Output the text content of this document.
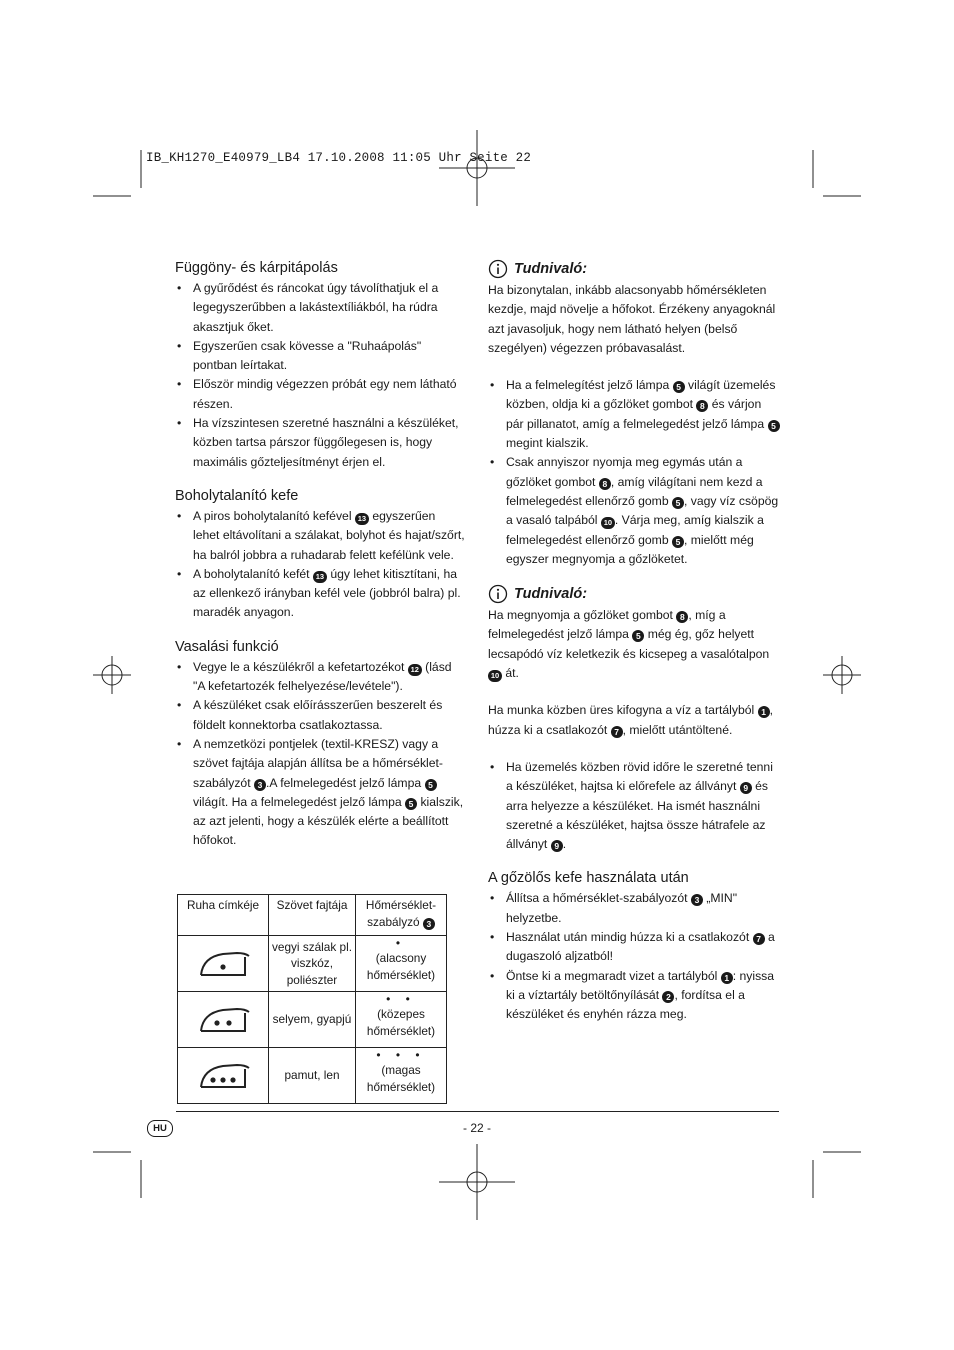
IB_KH1270_E40979_LB4 17.10.2008 11:05 Uhr Seite 22
Függöny- és kárpitápolás
• A gyűrődést és ráncokat úgy távolíthatjuk el a legegyszerűbben a lakástextíliákból, ha rúdra akasztjuk őket.
• Egyszerűen csak kövesse a "Ruhaápolás" pontban leírtakat.
• Először mindig végezzen próbát egy nem látható részen.
• Ha vízszintesen szeretné használni a készüléket, közben tartsa párszor függőlegesen is, hogy maximális gőzteljesítményt érjen el.
Boholytalanító kefe
• A piros boholytalanító kefével 13 egyszerűen lehet eltávolítani a szálakat, bolyhot és hajat/szőrt, ha balról jobbra a ruhadarab felett kefélünk vele.
• A boholytalanító kefét 13 úgy lehet kitisztítani, ha az ellenkező irányban kefél vele (jobbról balra) pl. maradék anyagon.
Vasalási funkció
• Vegye le a készülékről a kefetartozékot 12 (lásd "A kefetartozék felhelyezése/levétele").
• A készüléket csak előírásszerűen beszerelt és földelt konnektorba csatlakoztassa.
• A nemzetközi pontjelek (textil-KRESZ) vagy a szövet fajtája alapján állítsa be a hőmérséklet-szabályzót 3 .A felmelegedést jelző lámpa 5 világít. Ha a felmelegedést jelző lámpa 5 kialszik, az azt jelenti, hogy a készülék elérte a beállított hőfokot.
Ruha címkéje	Szövet fajtája	Hőmérséklet-szabályzó 3
	vegyi szálak pl. viszkóz, poliészter	•
(alacsony hőmérséklet)

	selyem, gyapjú	• •
(közepes hőmérséklet)

	pamut, len	• • •
(magas hőmérséklet)
Tudnivaló:

Ha bizonytalan, inkább alacsonyabb hőmérsékleten kezdje, majd növelje a hőfokot. Érzékeny anyagoknál azt javasoljuk, hogy nem látható helyen (belső szegélyen) végezzen próbavasalást.

• Ha a felmelegítést jelző lámpa 5 világít üzemelés közben, oldja ki a gőzlöket gombot 8 és várjon pár pillanatot, amíg a felmelegedést jelző lámpa 5 megint kialszik.
• Csak annyiszor nyomja meg egymás után a gőzlöket gombot 8 , amíg világítani nem kezd a felmelegedést ellenőrző gomb 5 , vagy víz csöpög a vasaló talpából 10 . Várja meg, amíg kialszik a felmelegedést ellenőrző gomb 5 , mielőtt még egyszer megnyomja a gőzlöketet.
Tudnivaló:

Ha megnyomja a gőzlöket gombot 8 , míg a felmelegedést jelző lámpa 5 még ég, gőz helyett lecsapódó víz keletkezik és kicsepeg a vasalótalpon 10 át.

Ha munka közben üres kifogyna a víz a tartályból 1 , húzza ki a csatlakozót 7 , mielőtt utántöltené.

• Ha üzemelés közben rövid időre le szeretné tenni a készüléket, hajtsa ki előrefele az állványt 9 és arra helyezze a készüléket. Ha ismét használni szeretné a készüléket, hajtsa össze hátrafele az állványt 9 .
A gőzölős kefe használata után
• Állítsa a hőmérséklet-szabályozót 3 „MIN" helyzetbe.
• Használat után mindig húzza ki a csatlakozót 7 a dugaszoló aljzatból!
• Öntse ki a megmaradt vizet a tartályból 1 : nyissa ki a víztartály betöltőnyílását 2 , fordítsa el a készüléket és enyhén rázza meg.
HU	- 22 -
